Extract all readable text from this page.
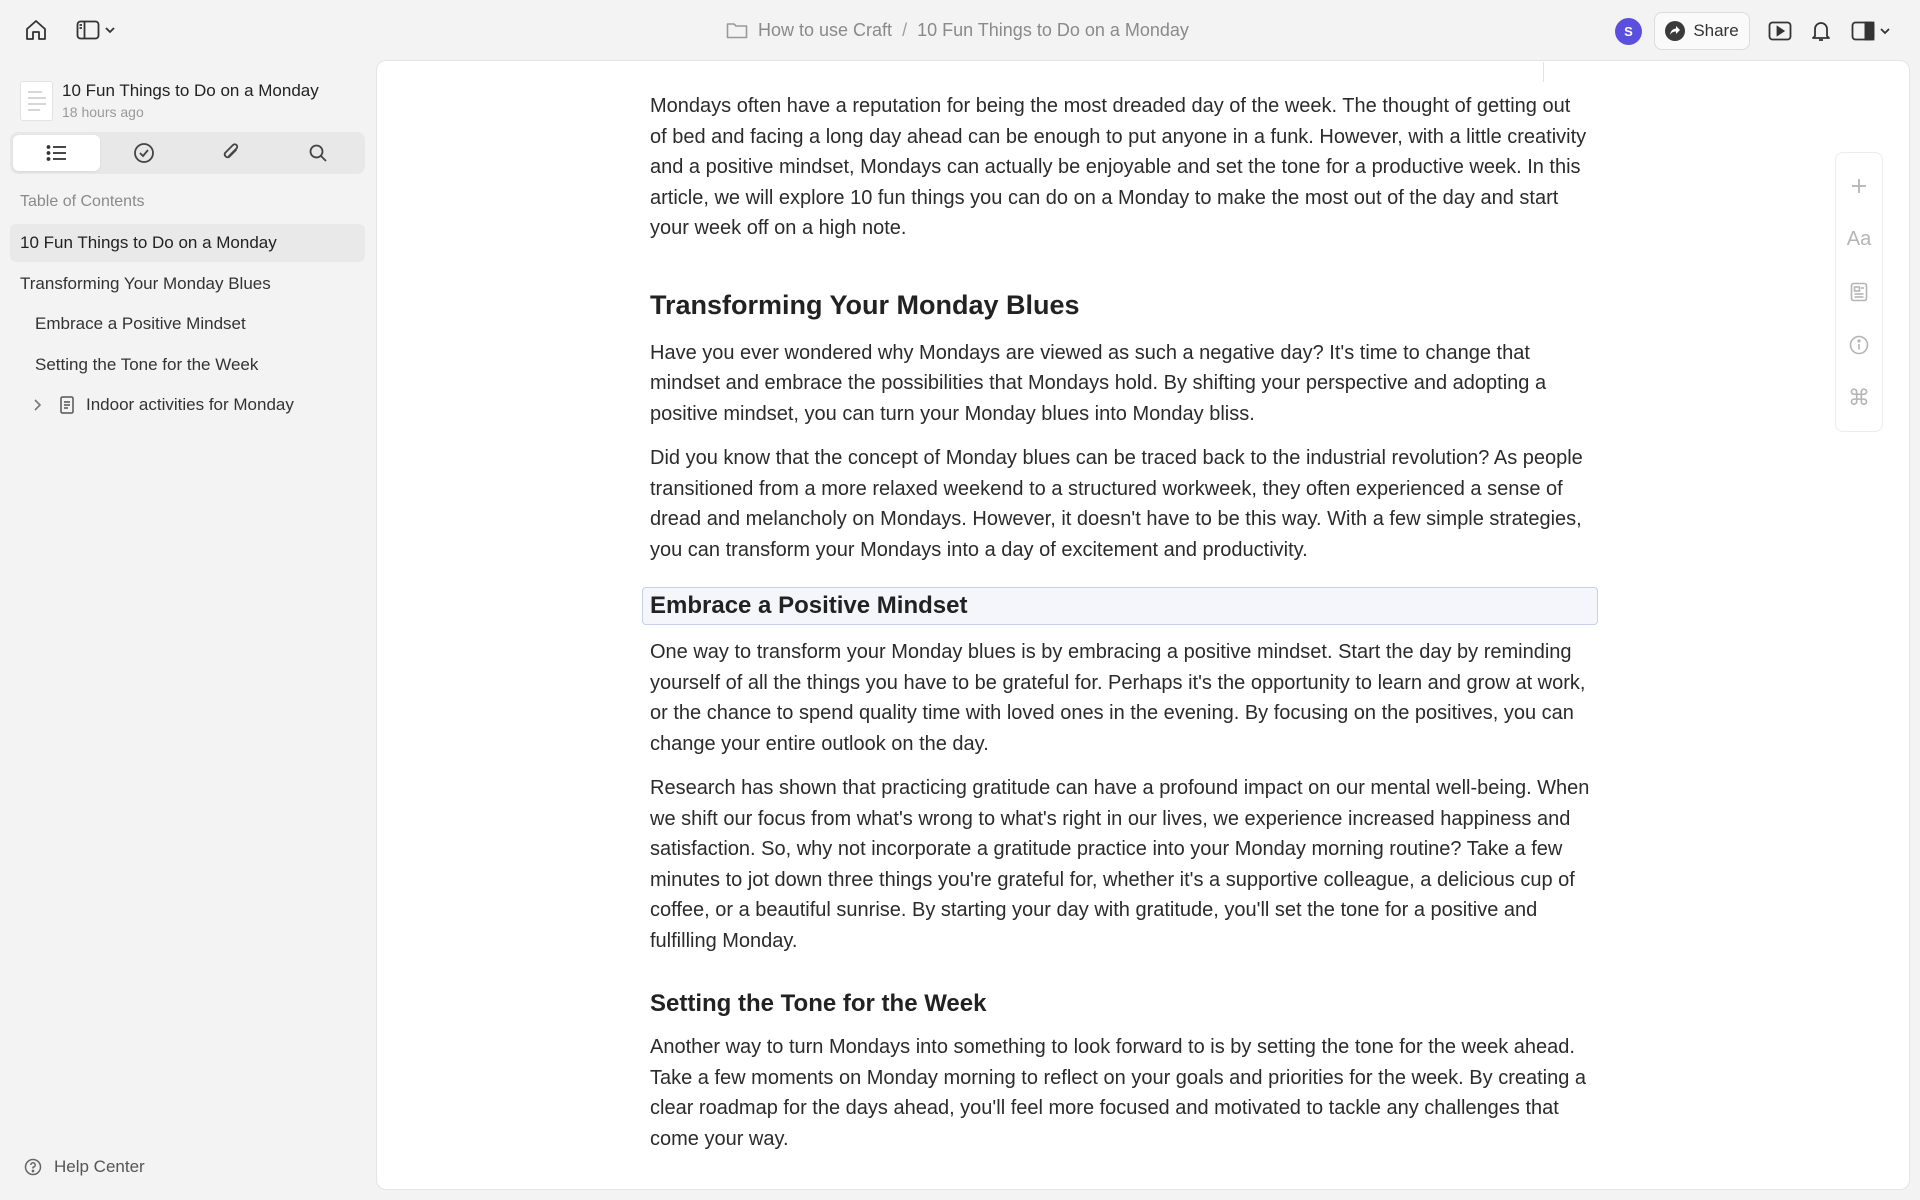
How to use Craft / 10 Fun Things to Do on a Monday	S	Share
10 Fun Things to Do on a Monday
18 hours ago
Table of Contents
10 Fun Things to Do on a Monday
Transforming Your Monday Blues
Embrace a Positive Mindset
Setting the Tone for the Week
Indoor activities for Monday
Help Center

Mondays often have a reputation for being the most dreaded day of the week. The thought of getting out of bed and facing a long day ahead can be enough to put anyone in a funk. However, with a little creativity and a positive mindset, Mondays can actually be enjoyable and set the tone for a productive week. In this article, we will explore 10 fun things you can do on a Monday to make the most out of the day and start your week off on a high note.

Transforming Your Monday Blues

Have you ever wondered why Mondays are viewed as such a negative day? It's time to change that mindset and embrace the possibilities that Mondays hold. By shifting your perspective and adopting a positive mindset, you can turn your Monday blues into Monday bliss.

Did you know that the concept of Monday blues can be traced back to the industrial revolution? As people transitioned from a more relaxed weekend to a structured workweek, they often experienced a sense of dread and melancholy on Mondays. However, it doesn't have to be this way. With a few simple strategies, you can transform your Mondays into a day of excitement and productivity.

Embrace a Positive Mindset

One way to transform your Monday blues is by embracing a positive mindset. Start the day by reminding yourself of all the things you have to be grateful for. Perhaps it's the opportunity to learn and grow at work, or the chance to spend quality time with loved ones in the evening. By focusing on the positives, you can change your entire outlook on the day.

Research has shown that practicing gratitude can have a profound impact on our mental well-being. When we shift our focus from what's wrong to what's right in our lives, we experience increased happiness and satisfaction. So, why not incorporate a gratitude practice into your Monday morning routine? Take a few minutes to jot down three things you're grateful for, whether it's a supportive colleague, a delicious cup of coffee, or a beautiful sunrise. By starting your day with gratitude, you'll set the tone for a positive and fulfilling Monday.

Setting the Tone for the Week

Another way to turn Mondays into something to look forward to is by setting the tone for the week ahead. Take a few moments on Monday morning to reflect on your goals and priorities for the week. By creating a clear roadmap for the days ahead, you'll feel more focused and motivated to tackle any challenges that come your way.

Aa
⌘
